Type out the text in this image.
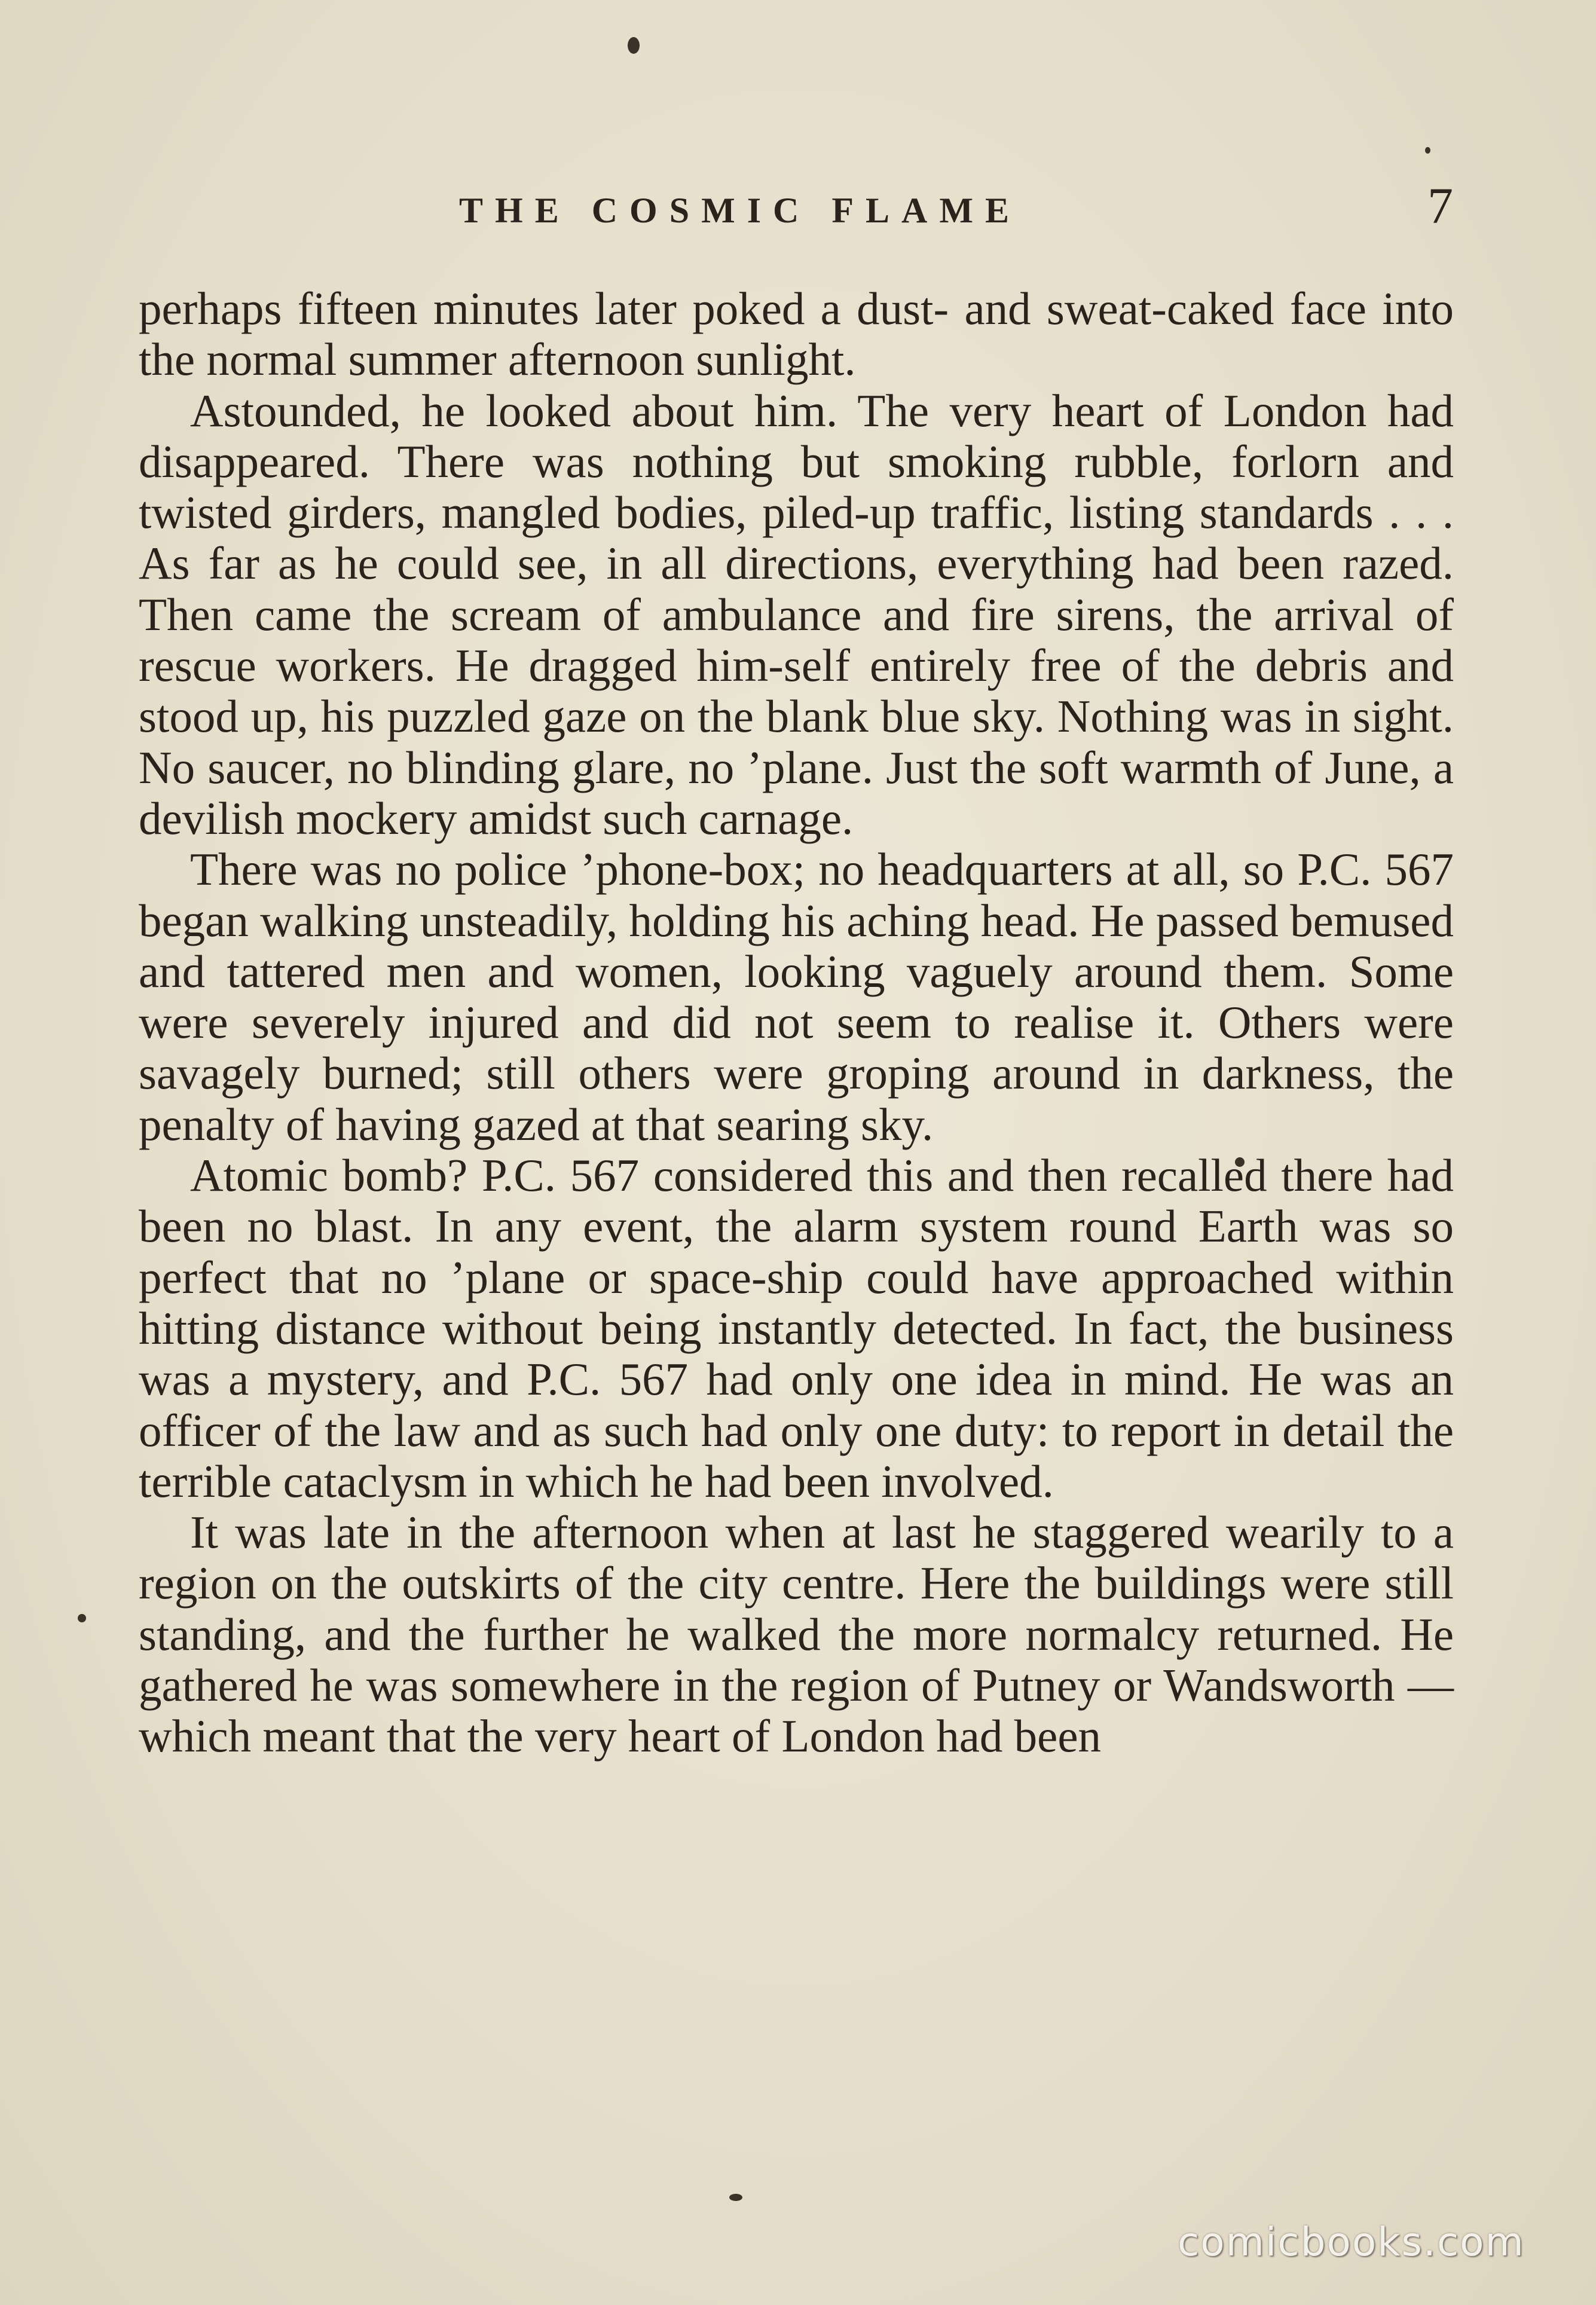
THE COSMIC FLAME	7

perhaps fifteen minutes later poked a dust- and sweat-caked face into the normal summer afternoon sunlight.

Astounded, he looked about him. The very heart of London had disappeared. There was nothing but smoking rubble, forlorn and twisted girders, mangled bodies, piled-up traffic, listing standards . . . As far as he could see, in all directions, everything had been razed. Then came the scream of ambulance and fire sirens, the arrival of rescue workers. He dragged him-self entirely free of the debris and stood up, his puzzled gaze on the blank blue sky. Nothing was in sight. No saucer, no blinding glare, no ’plane. Just the soft warmth of June, a devilish mockery amidst such carnage.

There was no police ’phone-box; no headquarters at all, so P.C. 567 began walking unsteadily, holding his aching head. He passed bemused and tattered men and women, looking vaguely around them. Some were severely injured and did not seem to realise it. Others were savagely burned; still others were groping around in darkness, the penalty of having gazed at that searing sky.

Atomic bomb? P.C. 567 considered this and then recalled there had been no blast. In any event, the alarm system round Earth was so perfect that no ’plane or space-ship could have approached within hitting distance without being instantly detected. In fact, the business was a mystery, and P.C. 567 had only one idea in mind. He was an officer of the law and as such had only one duty: to report in detail the terrible cataclysm in which he had been involved.

It was late in the afternoon when at last he staggered wearily to a region on the outskirts of the city centre. Here the buildings were still standing, and the further he walked the more normalcy returned. He gathered he was somewhere in the region of Putney or Wandsworth —which meant that the very heart of London had been

comicbooks.com
